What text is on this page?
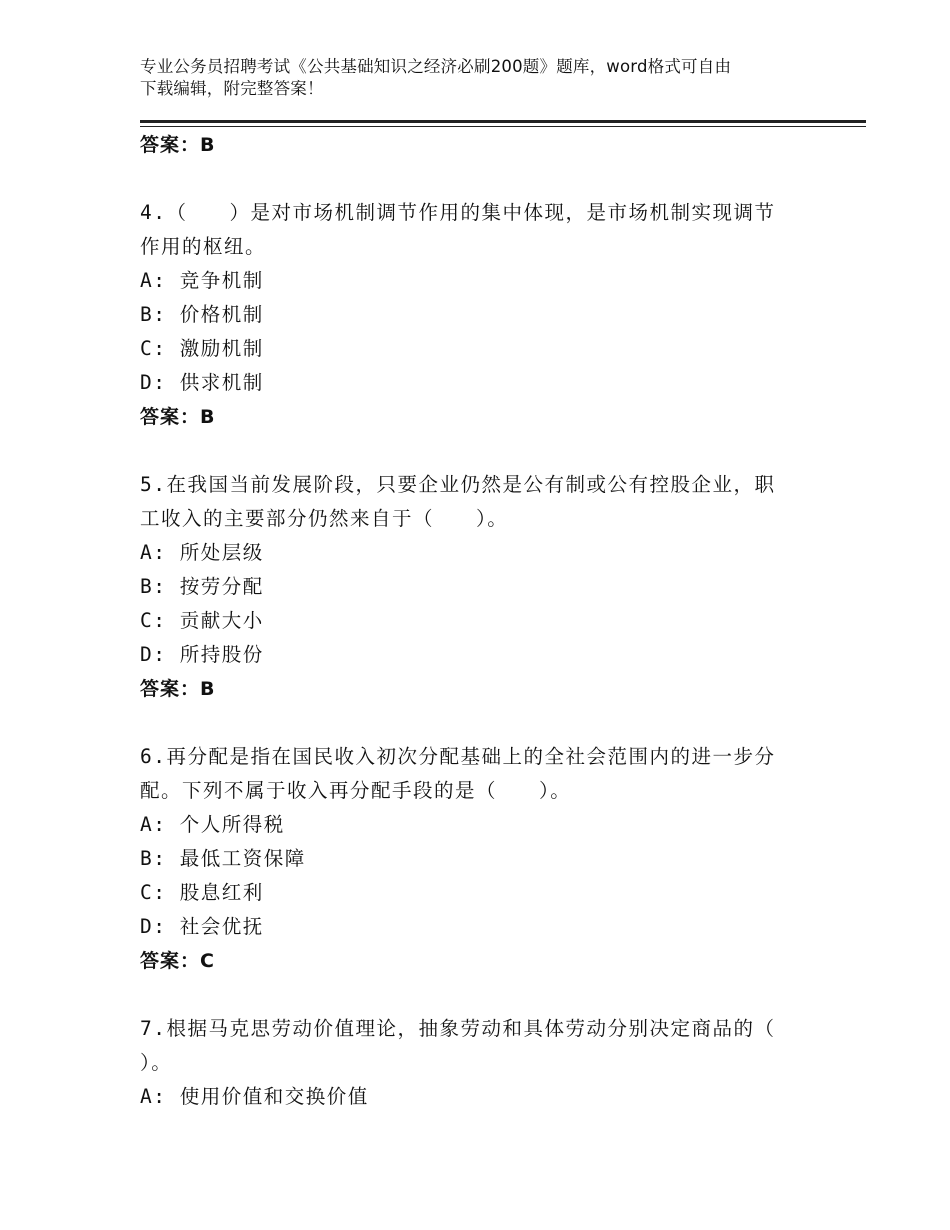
专业公务员招聘考试《公共基础知识之经济必刷200题》题库，word格式可自由
下载编辑，附完整答案！
答案：B
4.（　　）是对市场机制调节作用的集中体现，是市场机制实现调节
作用的枢纽。
A: 竞争机制
B: 价格机制
C: 激励机制
D: 供求机制
答案：B
5.在我国当前发展阶段，只要企业仍然是公有制或公有控股企业，职
工收入的主要部分仍然来自于（　　）。
A: 所处层级
B: 按劳分配
C: 贡献大小
D: 所持股份
答案：B
6.再分配是指在国民收入初次分配基础上的全社会范围内的进一步分
配。下列不属于收入再分配手段的是（　　）。
A: 个人所得税
B: 最低工资保障
C: 股息红利
D: 社会优抚
答案：C
7.根据马克思劳动价值理论，抽象劳动和具体劳动分别决定商品的（
）。
A: 使用价值和交换价值
